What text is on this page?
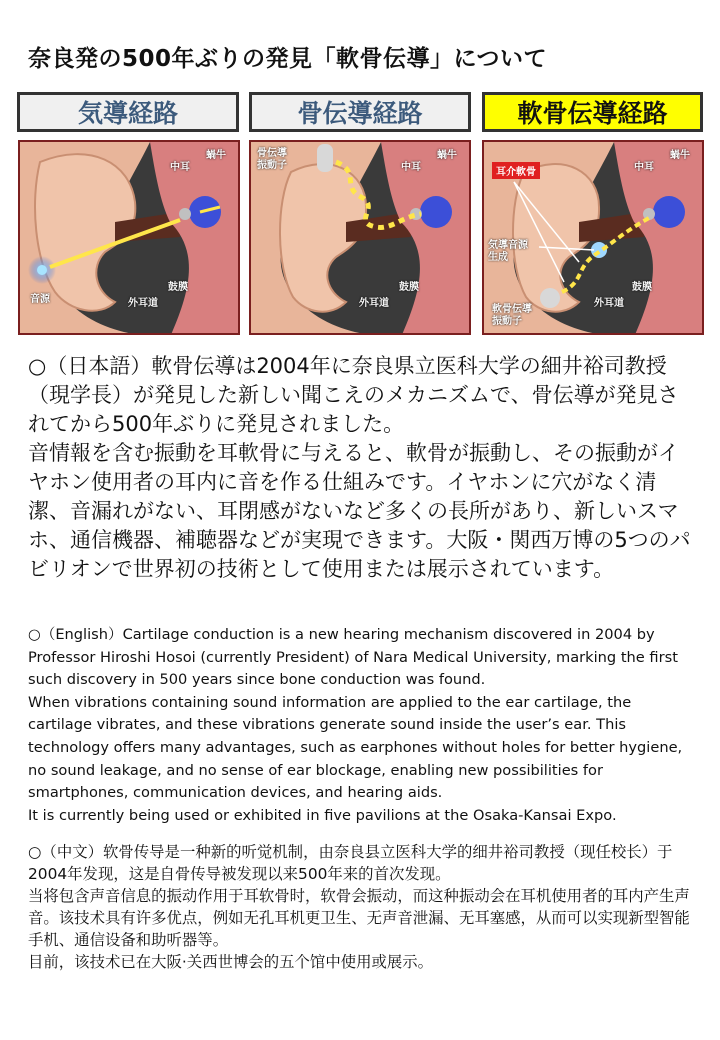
奈良発の500年ぶりの発見「軟骨伝導」について
気導経路	骨伝導経路	軟骨伝導経路
中耳
蝸牛
鼓膜
外耳道
音源
骨伝導
振動子	中耳
蝸牛
鼓膜
外耳道
耳介軟骨	中耳
蝸牛
気導音源
生成
鼓膜
外耳道
軟骨伝導
振動子

○（日本語）軟骨伝導は2004年に奈良県立医科大学の細井裕司教授（現学長）が発見した新しい聞こえのメカニズムで、骨伝導が発見されてから500年ぶりに発見されました。

音情報を含む振動を耳軟骨に与えると、軟骨が振動し、その振動がイヤホン使用者の耳内に音を作る仕組みです。イヤホンに穴がなく清潔、音漏れがない、耳閉感がないなど多くの長所があり、新しいスマホ、通信機器、補聴器などが実現できます。大阪・関西万博の5つのパビリオンで世界初の技術として使用または展示されています。

○（English）Cartilage conduction is a new hearing mechanism discovered in 2004 by Professor Hiroshi Hosoi (currently President) of Nara Medical University, marking the first such discovery in 500 years since bone conduction was found.

When vibrations containing sound information are applied to the ear cartilage, the cartilage vibrates, and these vibrations generate sound inside the user’s ear. This technology offers many advantages, such as earphones without holes for better hygiene, no sound leakage, and no sense of ear blockage, enabling new possibilities for smartphones, communication devices, and hearing aids.

It is currently being used or exhibited in five pavilions at the Osaka-Kansai Expo.

○（中文）软骨传导是一种新的听觉机制，由奈良县立医科大学的细井裕司教授（现任校长）于2004年发现，这是自骨传导被发现以来500年来的首次发现。

当将包含声音信息的振动作用于耳软骨时，软骨会振动，而这种振动会在耳机使用者的耳内产生声音。该技术具有许多优点，例如无孔耳机更卫生、无声音泄漏、无耳塞感，从而可以实现新型智能手机、通信设备和助听器等。

目前，该技术已在大阪·关西世博会的五个馆中使用或展示。
